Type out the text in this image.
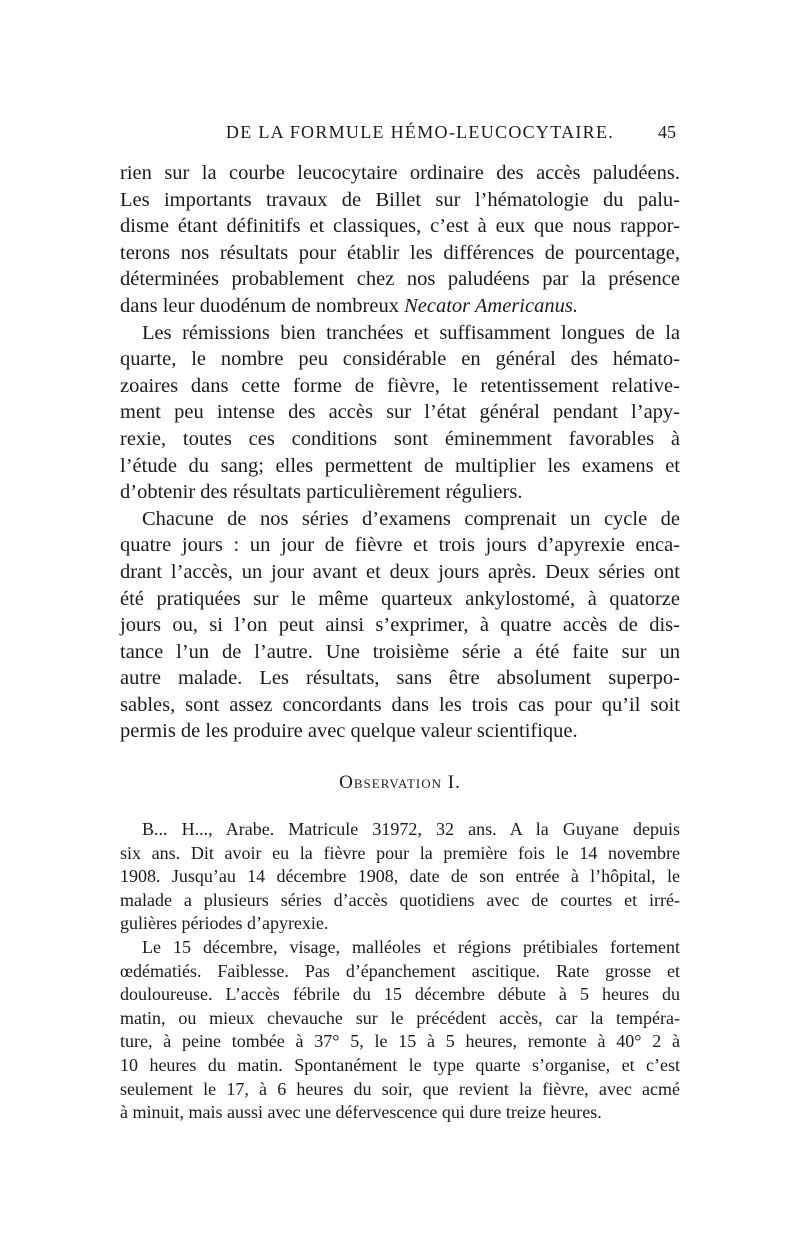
DE LA FORMULE HÉMO-LEUCOCYTAIRE.	45
rien sur la courbe leucocytaire ordinaire des accès paludéens.
Les importants travaux de Billet sur l’hématologie du palu-
disme étant définitifs et classiques, c’est à eux que nous rappor-
terons nos résultats pour établir les différences de pourcentage,
déterminées probablement chez nos paludéens par la présence
dans leur duodénum de nombreux Necator Americanus.
Les rémissions bien tranchées et suffisamment longues de la
quarte, le nombre peu considérable en général des hémato-
zoaires dans cette forme de fièvre, le retentissement relative-
ment peu intense des accès sur l’état général pendant l’apy-
rexie, toutes ces conditions sont éminemment favorables à
l’étude du sang; elles permettent de multiplier les examens et
d’obtenir des résultats particulièrement réguliers.
Chacune de nos séries d’examens comprenait un cycle de
quatre jours : un jour de fièvre et trois jours d’apyrexie enca-
drant l’accès, un jour avant et deux jours après. Deux séries ont
été pratiquées sur le même quarteux ankylostomé, à quatorze
jours ou, si l’on peut ainsi s’exprimer, à quatre accès de dis-
tance l’un de l’autre. Une troisième série a été faite sur un
autre malade. Les résultats, sans être absolument superpo-
sables, sont assez concordants dans les trois cas pour qu’il soit
permis de les produire avec quelque valeur scientifique.
Observation I.
B... H..., Arabe. Matricule 31972, 32 ans. A la Guyane depuis
six ans. Dit avoir eu la fièvre pour la première fois le 14 novembre
1908. Jusqu’au 14 décembre 1908, date de son entrée à l’hôpital, le
malade a plusieurs séries d’accès quotidiens avec de courtes et irré-
gulières périodes d’apyrexie.
Le 15 décembre, visage, malléoles et régions prétibiales fortement
œdématiés. Faiblesse. Pas d’épanchement ascitique. Rate grosse et
douloureuse. L’accès fébrile du 15 décembre débute à 5 heures du
matin, ou mieux chevauche sur le précédent accès, car la tempéra-
ture, à peine tombée à 37° 5, le 15 à 5 heures, remonte à 40° 2 à
10 heures du matin. Spontanément le type quarte s’organise, et c’est
seulement le 17, à 6 heures du soir, que revient la fièvre, avec acmé
à minuit, mais aussi avec une défervescence qui dure treize heures.
